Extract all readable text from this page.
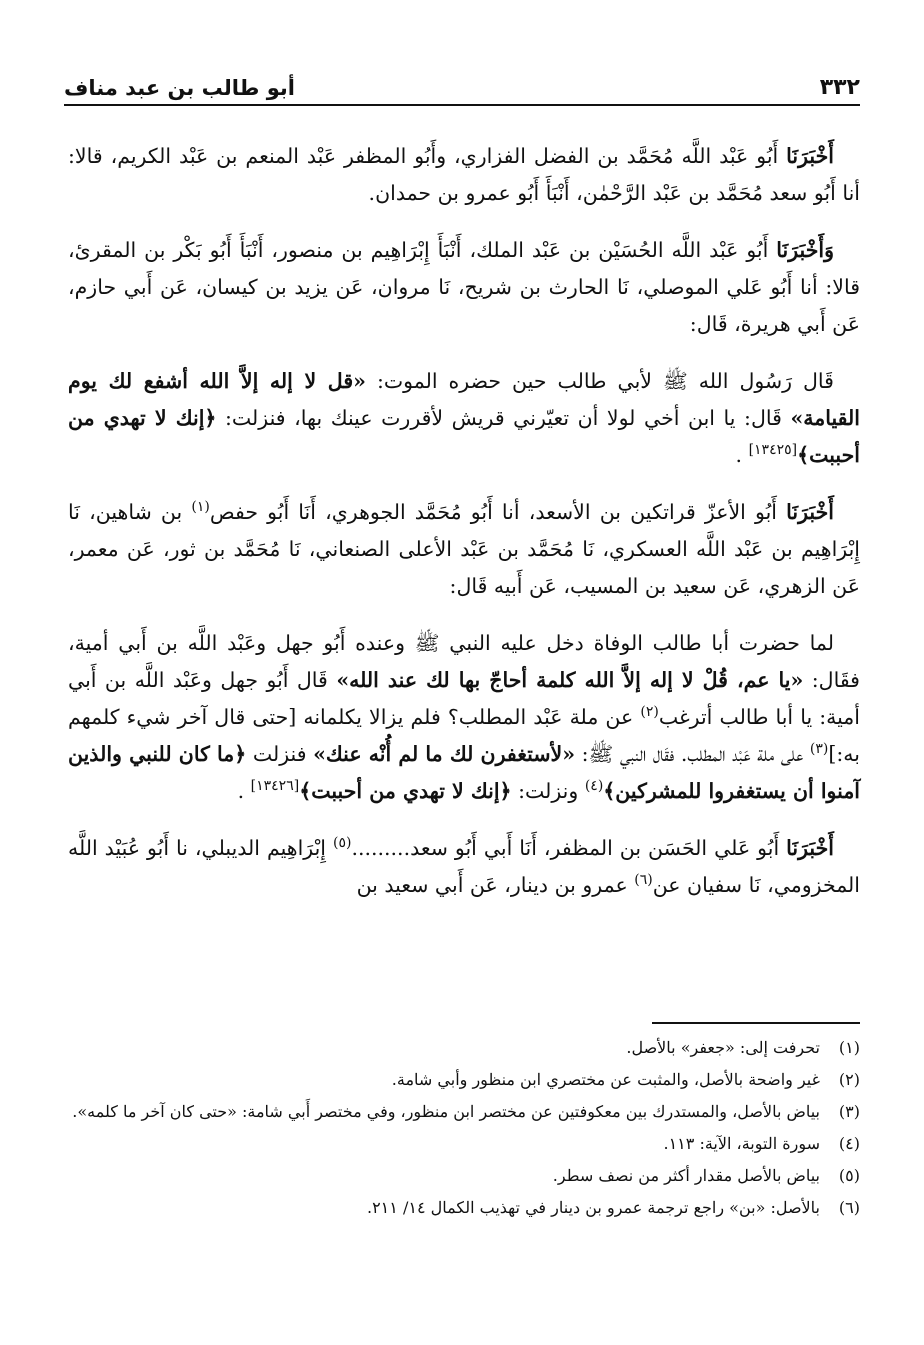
أبو طالب بن عبد مناف	٣٣٢

أَخْبَرَنَا أَبُو عَبْد اللَّه مُحَمَّد بن الفضل الفزاري، وأَبُو المظفر عَبْد المنعم بن عَبْد الكريم، قالا: أنا أَبُو سعد مُحَمَّد بن عَبْد الرَّحْمٰن، أَنْبَأَ أَبُو عمرو بن حمدان.

وَأَخْبَرَنَا أَبُو عَبْد اللَّه الحُسَيْن بن عَبْد الملك، أَنْبَأَ إِبْرَاهِيم بن منصور، أَنْبَأَ أَبُو بَكْر بن المقرئ، قالا: أنا أَبُو عَلي الموصلي، نَا الحارث بن شريح، نَا مروان، عَن يزيد بن كيسان، عَن أَبي حازم، عَن أَبي هريرة، قَال:

قَال رَسُول الله ﷺ لأبي طالب حين حضره الموت: «قل لا إله إلاَّ الله أشفع لك يوم القيامة» قَال: يا ابن أخي لولا أن تعيّرني قريش لأقررت عينك بها، فنزلت: ﴿إنك لا تهدي من أحببت﴾[١٣٤٢٥] .

أَخْبَرَنَا أَبُو الأعزّ قراتكين بن الأسعد، أنا أَبُو مُحَمَّد الجوهري، أَنَا أَبُو حفص$^{(١)}$ بن شاهين، نَا إِبْرَاهِيم بن عَبْد اللَّه العسكري، نَا مُحَمَّد بن عَبْد الأعلى الصنعاني، نَا مُحَمَّد بن ثور، عَن معمر، عَن الزهري، عَن سعيد بن المسيب، عَن أَبيه قَال:

لما حضرت أبا طالب الوفاة دخل عليه النبي ﷺ وعنده أَبُو جهل وعَبْد اللَّه بن أَبي أمية، فقَال: «يا عم، قُلْ لا إله إلاَّ الله كلمة أحاجّ بها لك عند الله» قَال أَبُو جهل وعَبْد اللَّه بن أَبي أمية: يا أبا طالب أترغب$^{(٢)}$ عن ملة عَبْد المطلب؟ فلم يزالا يكلمانه [حتى قال آخر شيء كلمهم به:]$^{(٣)}$ على ملة عَبْد المطلب. فقَال النبي ﷺ: «لأستغفرن لك ما لم أُنْه عنك» فنزلت ﴿ما كان للنبي والذين آمنوا أن يستغفروا للمشركين﴾$^{(٤)}$ ونزلت: ﴿إنك لا تهدي من أحببت﴾[١٣٤٢٦] .

أَخْبَرَنَا أَبُو عَلي الحَسَن بن المظفر، أَنَا أَبي أَبُو سعد.........$^{(٥)}$ إِبْرَاهِيم الديبلي، نا أَبُو عُبَيْد اللَّه المخزومي، نَا سفيان عن$^{(٦)}$ عمرو بن دينار، عَن أَبي سعيد بن

(١)
تحرفت إلى: «جعفر» بالأصل.
(٢)
غير واضحة بالأصل، والمثبت عن مختصري ابن منظور وأبي شامة.
(٣)
بياض بالأصل، والمستدرك بين معكوفتين عن مختصر ابن منظور، وفي مختصر أَبي شامة: «حتى كان آخر ما كلمه».
(٤)
سورة التوبة، الآية: ١١٣.
(٥)
بياض بالأصل مقدار أكثر من نصف سطر.
(٦)
بالأصل: «بن» راجع ترجمة عمرو بن دينار في تهذيب الكمال ١٤/ ٢١١.
